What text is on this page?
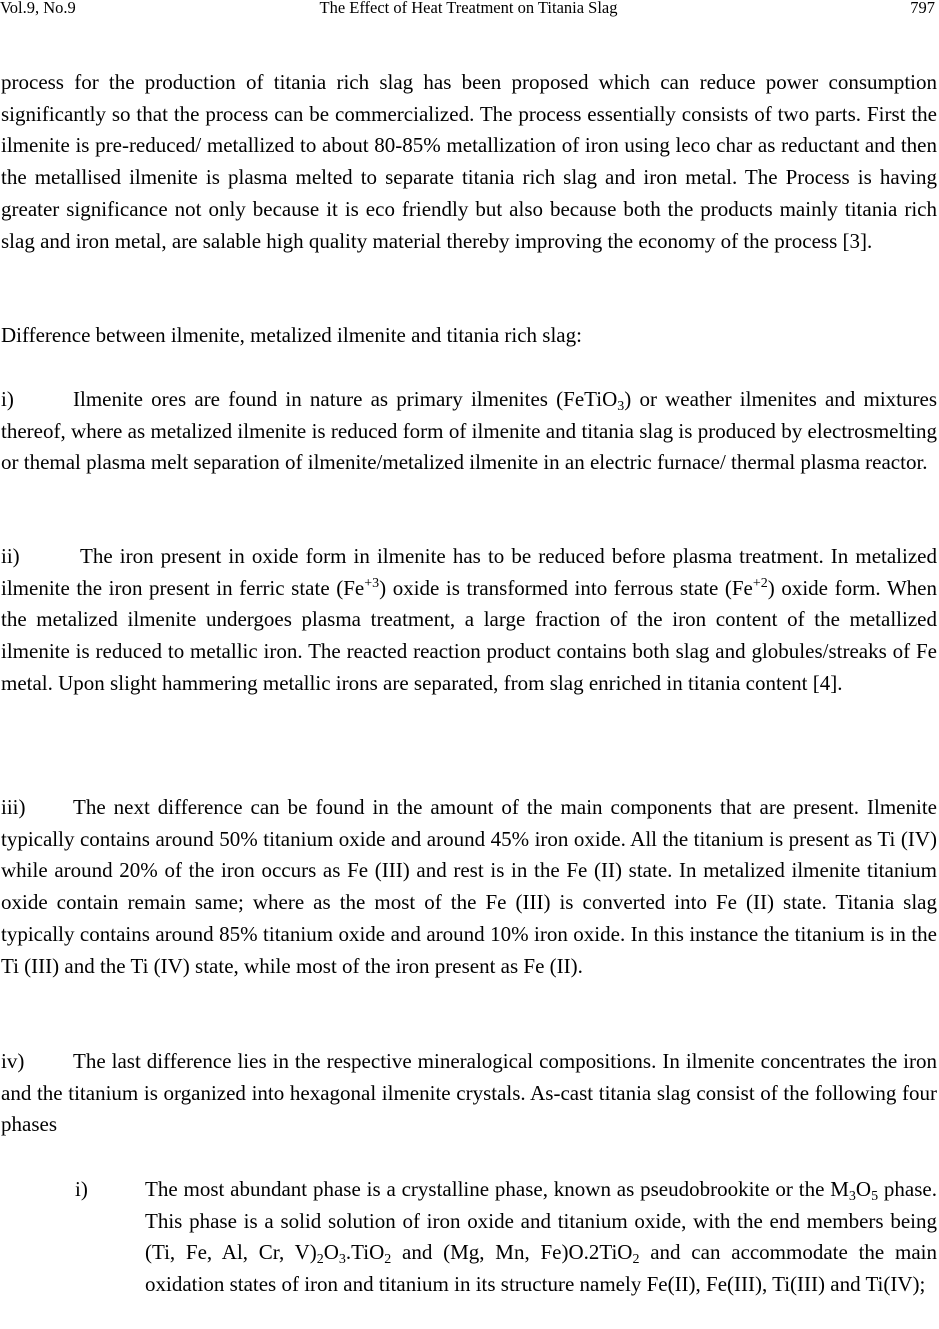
Vol.9, No.9	The Effect of Heat Treatment on Titania Slag	797
process for the production of titania rich slag has been proposed which can reduce power consumption significantly so that the process can be commercialized. The process essentially consists of two parts. First the ilmenite is pre-reduced/ metallized to about 80-85% metallization of iron using leco char as reductant and then the metallised ilmenite is plasma melted to separate titania rich slag and iron metal. The Process is having greater significance not only because it is eco friendly but also because both the products mainly titania rich slag and iron metal, are salable high quality material thereby improving the economy of the process [3].
Difference between ilmenite, metalized ilmenite and titania rich slag:
i)	Ilmenite ores are found in nature as primary ilmenites (FeTiO$_3$) or weather ilmenites and mixtures thereof, where as metalized ilmenite is reduced form of ilmenite and titania slag is produced by electrosmelting or themal plasma melt separation of ilmenite/metalized ilmenite in an electric furnace/ thermal plasma reactor.
ii)	The iron present in oxide form in ilmenite has to be reduced before plasma treatment. In metalized ilmenite the iron present in ferric state $(Fe^{+3})$ oxide is transformed into ferrous state $(Fe^{+2})$ oxide form. When the metalized ilmenite undergoes plasma treatment, a large fraction of the iron content of the metallized ilmenite is reduced to metallic iron. The reacted reaction product contains both slag and globules/streaks of Fe metal. Upon slight hammering metallic irons are separated, from slag enriched in titania content [4].
iii) The next difference can be found in the amount of the main components that are present. Ilmenite typically contains around 50% titanium oxide and around 45% iron oxide. All the titanium is present as Ti (IV) while around 20% of the iron occurs as Fe (III) and rest is in the Fe (II) state. In metalized ilmenite titanium oxide contain remain same; where as the most of the Fe (III) is converted into Fe (II) state. Titania slag typically contains around 85% titanium oxide and around 10% iron oxide. In this instance the titanium is in the Ti (III) and the Ti (IV) state, while most of the iron present as Fe (II).
iv) The last difference lies in the respective mineralogical compositions. In ilmenite concentrates the iron and the titanium is organized into hexagonal ilmenite crystals. As-cast titania slag consist of the following four phases
i)	The most abundant phase is a crystalline phase, known as pseudobrookite or the $M_3O_5$ phase. This phase is a solid solution of iron oxide and titanium oxide, with the end members being (Ti, Fe, Al, Cr, $V)_2O_3.TiO_2$ and (Mg, Mn, Fe)O.2TiO$_2$ and can accommodate the main oxidation states of iron and titanium in its structure namely Fe(II), Fe(III), Ti(III) and Ti(IV);
